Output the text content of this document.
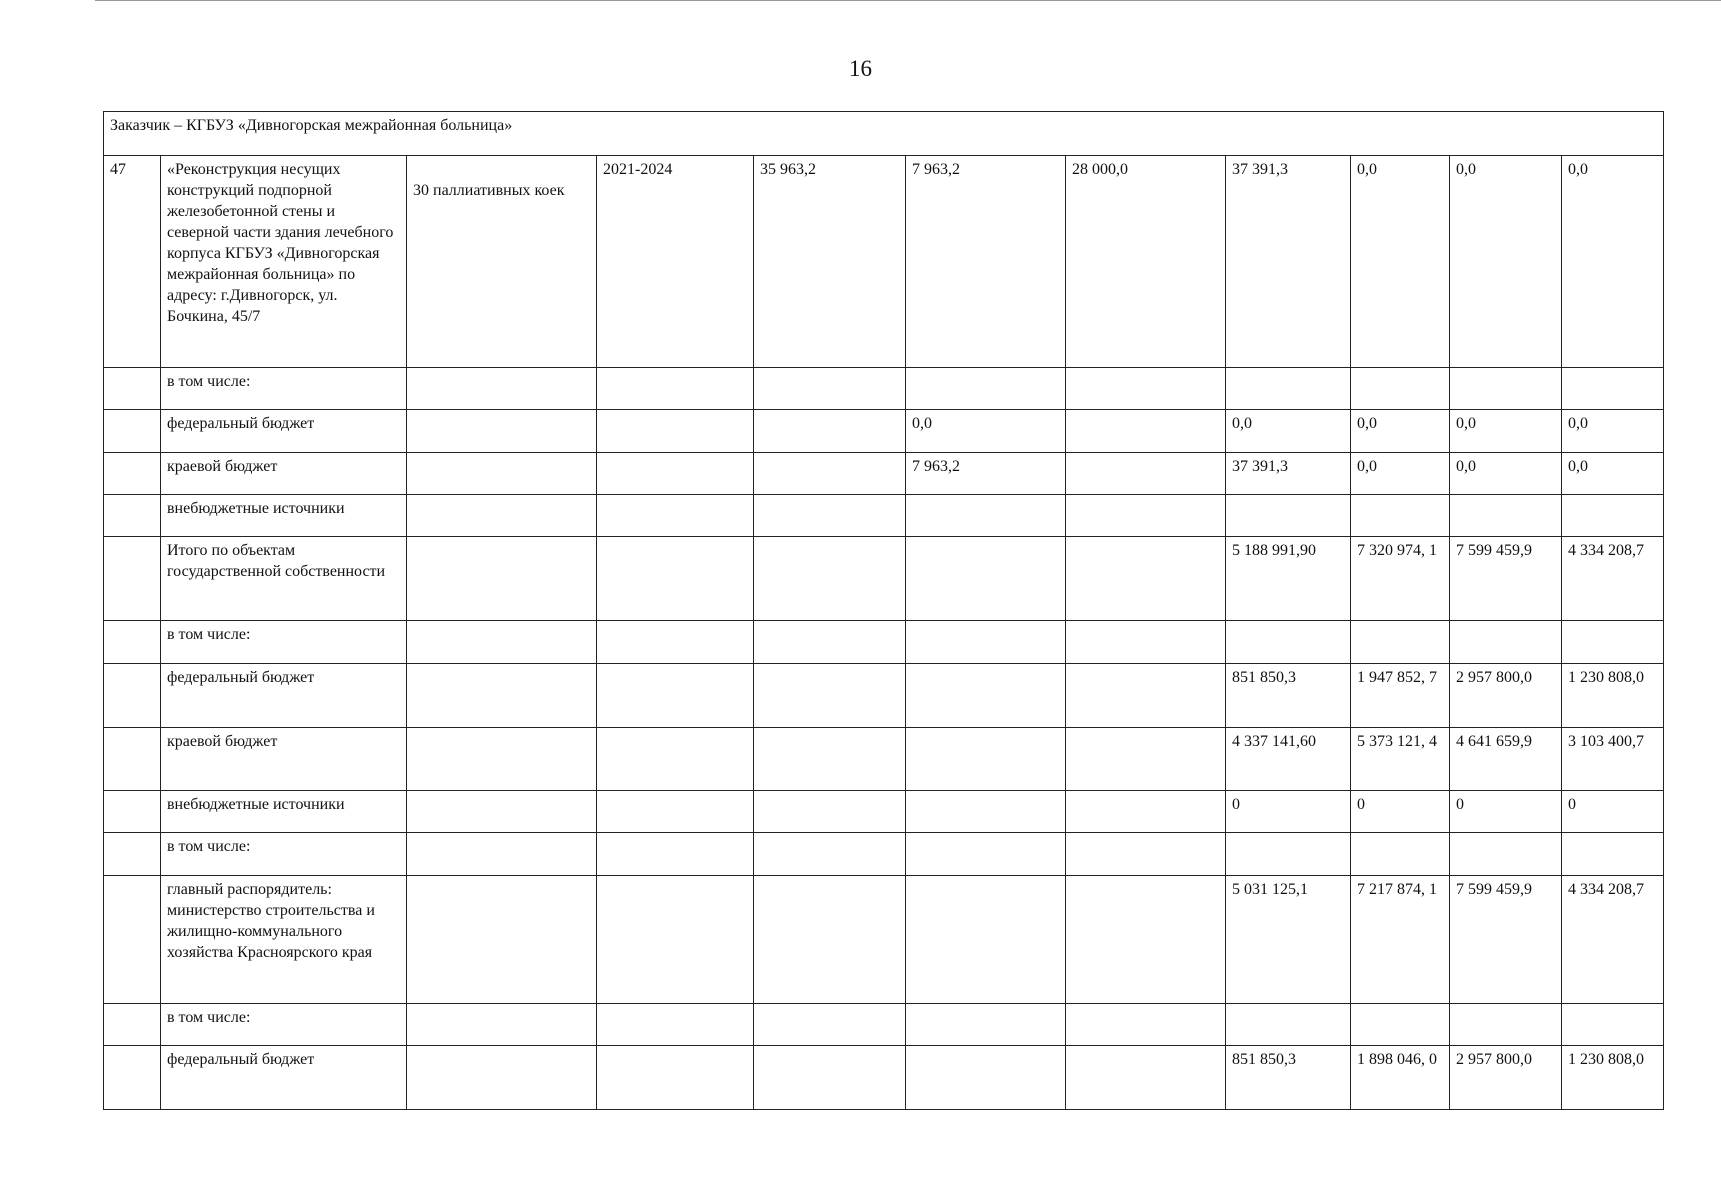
16
Заказчик – КГБУЗ «Дивногорская межрайонная больница»										
47	«Реконструкция несущих конструкций подпорной железобетонной стены и северной части здания лечебного корпуса КГБУЗ «Дивногорская межрайонная больница» по адресу: г.Дивногорск, ул. Бочкина, 45/7	30 паллиативных коек	2021-2024	35 963,2	7 963,2	28 000,0	37 391,3	0,0	0,0	0,0
	в том числе:									
	федеральный бюджет				0,0		0,0	0,0	0,0	0,0
	краевой бюджет				7 963,2		37 391,3	0,0	0,0	0,0
	внебюджетные источники									
	Итого по объектам государственной собственности						5 188 991,90	7 320 974, 1	7 599 459,9	4 334 208,7
	в том числе:									
	федеральный бюджет						851 850,3	1 947 852, 7	2 957 800,0	1 230 808,0
	краевой бюджет						4 337 141,60	5 373 121, 4	4 641 659,9	3 103 400,7
	внебюджетные источники						0	0	0	0
	в том числе:									
	главный распорядитель: министерство строительства и жилищно-коммунального хозяйства Красноярского края						5 031 125,1	7 217 874, 1	7 599 459,9	4 334 208,7
	в том числе:									
	федеральный бюджет						851 850,3	1 898 046, 0	2 957 800,0	1 230 808,0
